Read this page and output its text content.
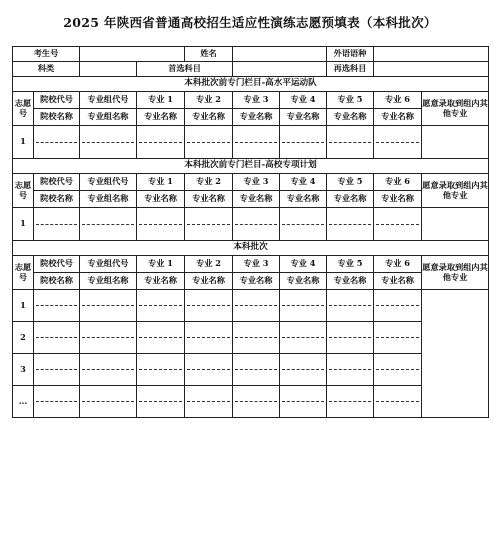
2025 年陕西省普通高校招生适应性演练志愿预填表（本科批次）
考生号				姓名			外语语种		
科类			首选科目				再选科目		
本科批次前专门栏目-高水平运动队									
志愿号	院校代号	专业组代号	专业 1	专业 2	专业 3	专业 4	专业 5	专业 6	愿意录取到组内其他专业
	院校名称	专业组名称	专业名称	专业名称	专业名称	专业名称	专业名称	专业名称	
1	

本科批次前专门栏目-高校专项计划									
志愿号	院校代号	专业组代号	专业 1	专业 2	专业 3	专业 4	专业 5	专业 6	愿意录取到组内其他专业
	院校名称	专业组名称	专业名称	专业名称	专业名称	专业名称	专业名称	专业名称	
1	

本科批次									
志愿号	院校代号	专业组代号	专业 1	专业 2	专业 3	专业 4	专业 5	专业 6	愿意录取到组内其他专业
	院校名称	专业组名称	专业名称	专业名称	专业名称	专业名称	专业名称	专业名称	
1	

2		

3		

...		
